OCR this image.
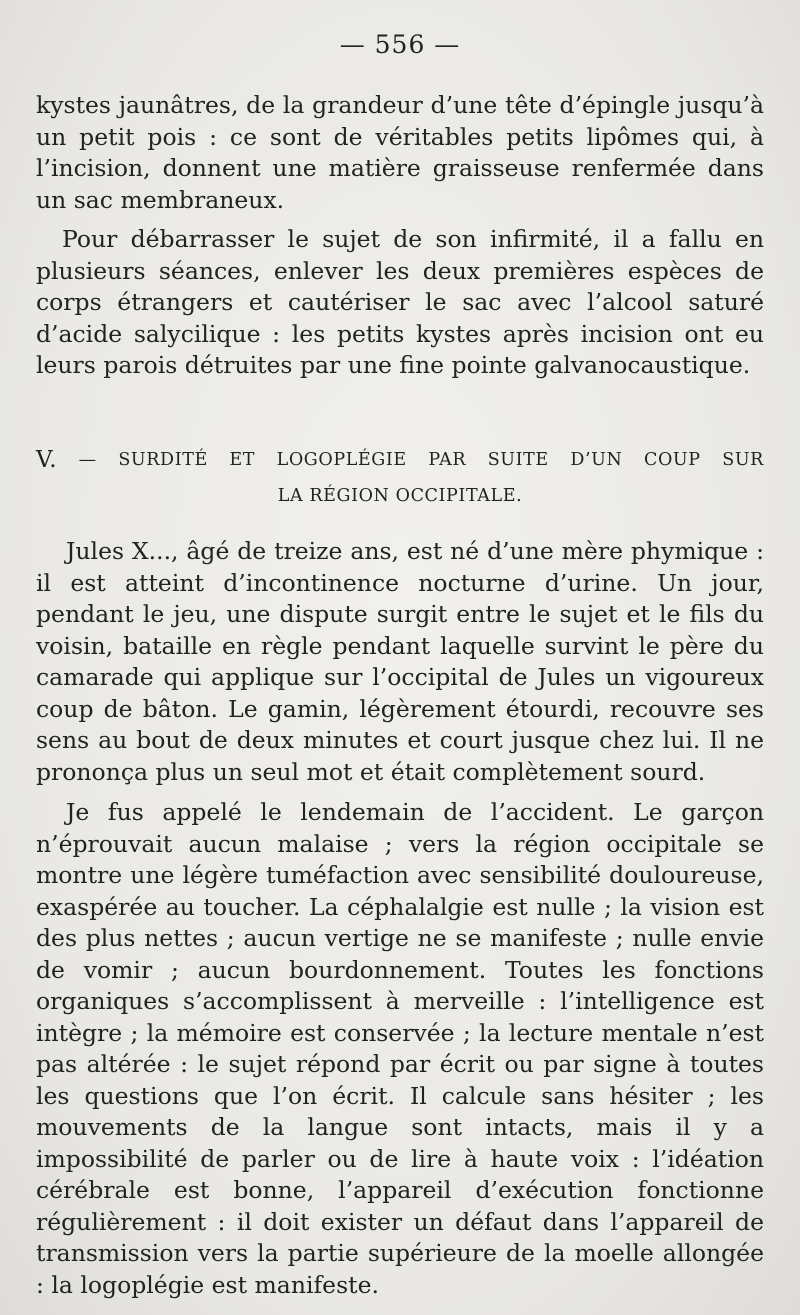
— 556 —

kystes jaunâtres, de la grandeur d’une tête d’épingle jusqu’à un petit pois : ce sont de véritables petits lipômes qui, à l’incision, donnent une matière graisseuse renfermée dans un sac membraneux.

Pour débarrasser le sujet de son infirmité, il a fallu en plusieurs séances, enlever les deux premières espèces de corps étrangers et cautériser le sac avec l’alcool saturé d’acide salycilique : les petits kystes après incision ont eu leurs parois détruites par une fine pointe galvanocaustique.

V. — SURDITÉ ET LOGOPLÉGIE PAR SUITE D’UN COUP SUR
LA RÉGION OCCIPITALE.

Jules X..., âgé de treize ans, est né d’une mère phymique : il est atteint d’incontinence nocturne d’urine. Un jour, pendant le jeu, une dispute surgit entre le sujet et le fils du voisin, bataille en règle pendant laquelle survint le père du camarade qui applique sur l’occipital de Jules un vigoureux coup de bâton. Le gamin, légèrement étourdi, recouvre ses sens au bout de deux minutes et court jusque chez lui. Il ne prononça plus un seul mot et était complètement sourd.

Je fus appelé le lendemain de l’accident. Le garçon n’éprouvait aucun malaise ; vers la région occipitale se montre une légère tuméfaction avec sensibilité douloureuse, exaspérée au toucher. La céphalalgie est nulle ; la vision est des plus nettes ; aucun vertige ne se manifeste ; nulle envie de vomir ; aucun bourdonnement. Toutes les fonctions organiques s’accomplissent à merveille : l’intelligence est intègre ; la mémoire est conservée ; la lecture mentale n’est pas altérée : le sujet répond par écrit ou par signe à toutes les questions que l’on écrit. Il calcule sans hésiter ; les mouvements de la langue sont intacts, mais il y a impossibilité de parler ou de lire à haute voix : l’idéation cérébrale est bonne, l’appareil d’exécution fonctionne régulièrement : il doit exister un défaut dans l’appareil de transmission vers la partie supérieure de la moelle allongée : la logoplégie est manifeste.
